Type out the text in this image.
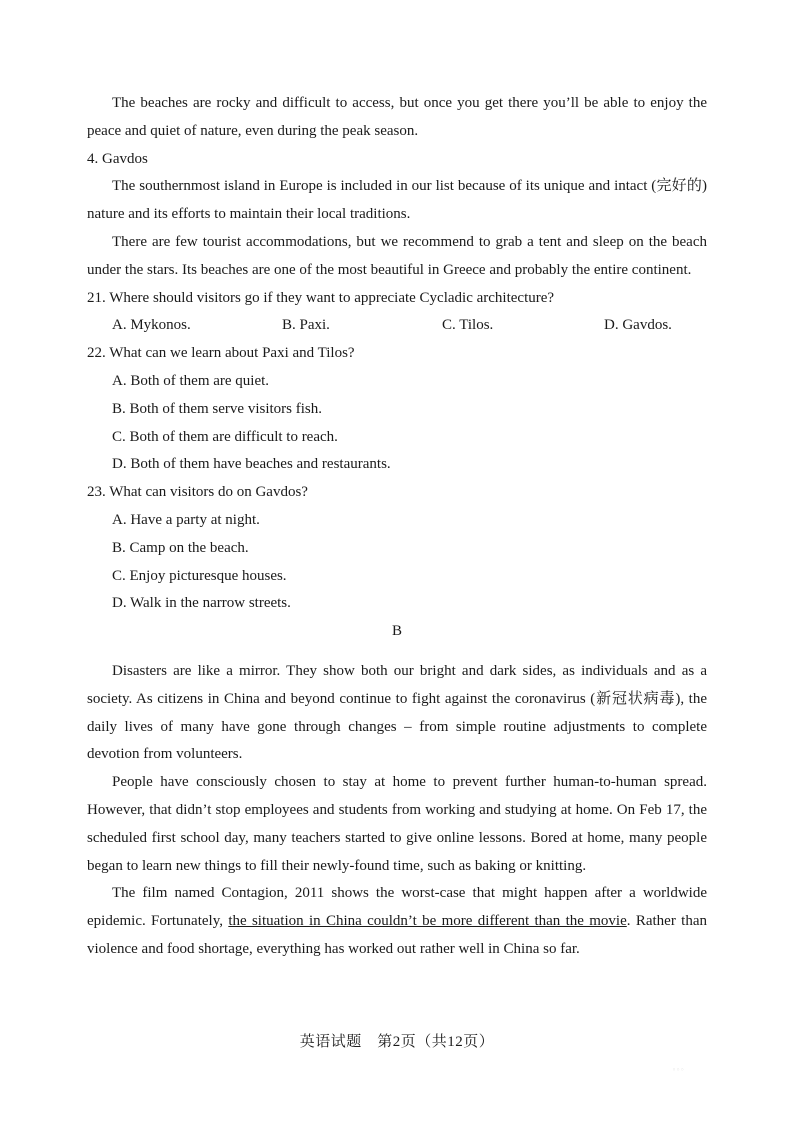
The beaches are rocky and difficult to access, but once you get there you’ll be able to enjoy the peace and quiet of nature, even during the peak season.

4. Gavdos

The southernmost island in Europe is included in our list because of its unique and intact (完好的) nature and its efforts to maintain their local traditions.

There are few tourist accommodations, but we recommend to grab a tent and sleep on the beach under the stars. Its beaches are one of the most beautiful in Greece and probably the entire continent.

21. Where should visitors go if they want to appreciate Cycladic architecture?

A. Mykonos.	B. Paxi.	C. Tilos.	D. Gavdos.

22. What can we learn about Paxi and Tilos?

A. Both of them are quiet.

B. Both of them serve visitors fish.

C. Both of them are difficult to reach.

D. Both of them have beaches and restaurants.

23. What can visitors do on Gavdos?

A. Have a party at night.

B. Camp on the beach.

C. Enjoy picturesque houses.

D. Walk in the narrow streets.

B

Disasters are like a mirror. They show both our bright and dark sides, as individuals and as a society. As citizens in China and beyond continue to fight against the coronavirus (新冠状病毒), the daily lives of many have gone through changes – from simple routine adjustments to complete devotion from volunteers.

People have consciously chosen to stay at home to prevent further human-to-human spread. However, that didn’t stop employees and students from working and studying at home. On Feb 17, the scheduled first school day, many teachers started to give online lessons. Bored at home, many people began to learn new things to fill their newly-found time, such as baking or knitting.

The film named Contagion, 2011 shows the worst-case that might happen after a worldwide epidemic. Fortunately, the situation in China couldn’t be more different than the movie. Rather than violence and food shortage, everything has worked out rather well in China so far.

英语试题　第2页（共12页）
◦◦◦
